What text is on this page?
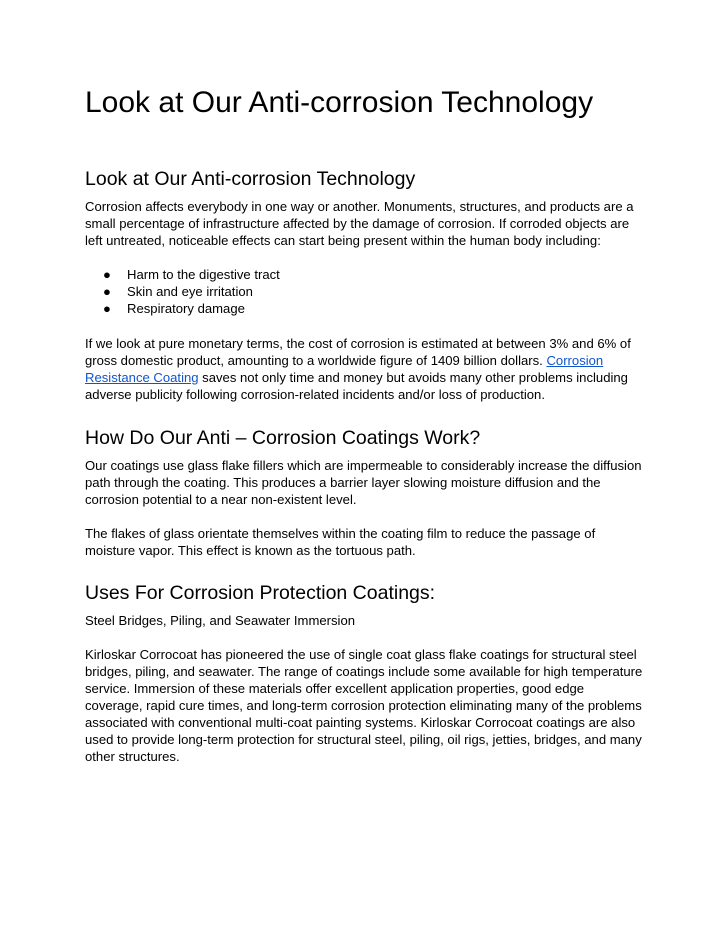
Look at Our Anti-corrosion Technology
Look at Our Anti-corrosion Technology

Corrosion affects everybody in one way or another. Monuments, structures, and products are a small percentage of infrastructure affected by the damage of corrosion. If corroded objects are left untreated, noticeable effects can start being present within the human body including:

● Harm to the digestive tract
● Skin and eye irritation
● Respiratory damage

If we look at pure monetary terms, the cost of corrosion is estimated at between 3% and 6% of gross domestic product, amounting to a worldwide figure of 1409 billion dollars. Corrosion Resistance Coating saves not only time and money but avoids many other problems including adverse publicity following corrosion-related incidents and/or loss of production.

How Do Our Anti – Corrosion Coatings Work?

Our coatings use glass flake fillers which are impermeable to considerably increase the diffusion path through the coating. This produces a barrier layer slowing moisture diffusion and the corrosion potential to a near non-existent level.

The flakes of glass orientate themselves within the coating film to reduce the passage of moisture vapor. This effect is known as the tortuous path.

Uses For Corrosion Protection Coatings:

Steel Bridges, Piling, and Seawater Immersion

Kirloskar Corrocoat has pioneered the use of single coat glass flake coatings for structural steel bridges, piling, and seawater. The range of coatings include some available for high temperature service. Immersion of these materials offer excellent application properties, good edge coverage, rapid cure times, and long-term corrosion protection eliminating many of the problems associated with conventional multi-coat painting systems. Kirloskar Corrocoat coatings are also used to provide long-term protection for structural steel, piling, oil rigs, jetties, bridges, and many other structures.
